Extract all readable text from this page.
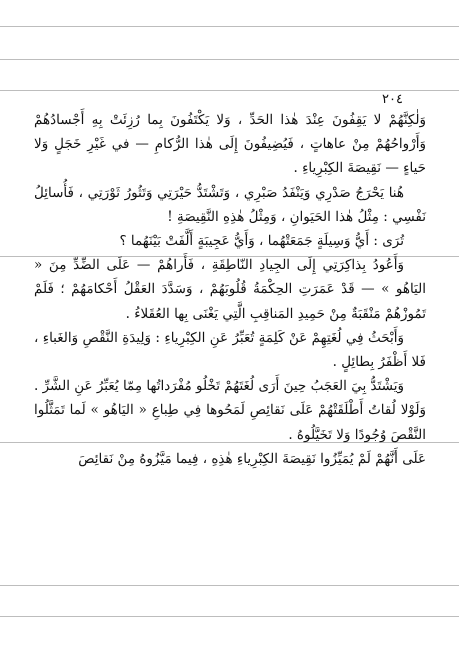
٢٠٤

وَلٰكِنَّهُمْ لا يَقِفُونَ عِنْدَ هٰذا الحَدِّ ، وَلا يَكْتَفُونَ بِما رُزِئَتْ بِهِ أَجْسادُهُمْ وَأَرْواحُهُمْ مِنْ عاهاتٍ ، فَيُضِيفُونَ إِلَى هٰذا الرُّكامِ — في غَيْرِ خَجَلٍ وَلا حَياءٍ — نَقِيصَةَ الكِبْرِياءِ .

هُنا يَحْرَجُ صَدْرِي وَيَنْفَدُ صَبْرِي ، وَتَشْتَدُّ حَيْرَتِي وَتَثُورُ ثَوْرَتِي ، فَأُسائِلُ نَفْسِي : مِثْلُ هٰذا الحَيَوانِ ، وَمِثْلُ هٰذِهِ النَّقِيصَةِ !

تُرَى : أَيُّ وَسِيلَةٍ جَمَعَتْهُما ، وَأَيُّ عَجِيبَةٍ أَلَّفَتْ بَيْنَهُما ؟

وَأَعُودُ بِذاكِرَتِي إِلَى الجِيادِ النّاطِقَةِ ، فَأَراهُمْ — عَلَى الضِّدِّ مِنَ « اليَاهُو » — قَدْ عَمَرَتِ الحِكْمَةُ قُلُوبَهُمْ ، وَسَدَّدَ العَقْلُ أَحْكامَهُمْ ؛ فَلَمْ تَمُوزْهُمْ مَنْقَبَةٌ مِنْ حَمِيدِ المَناقِبِ الَّتِي يَغْنَى بِها العُقَلاءُ .

وَأَبْحَثُ فِي لُغَتِهِمْ عَنْ كَلِمَةٍ تُعَبِّرُ عَنِ الكِبْرِياءِ : وَلِيدَةِ النَّقْصِ وَالغَباءِ ، فَلا أَظْفَرُ بِطائِلٍ .

وَيَشْتَدُّ بِيَ العَجَبُ حِينَ أَرَى لُغَتَهُمْ تَخْلُو مُفْرَداتُها مِمّا يُعَبِّرُ عَنِ الشَّرِّ . وَلَوْلا لُقاتُ أَطْلَقَتْهُمْ عَلَى نَقائِصِ لَمَحُوها فِي طِباعِ « اليَاهُو » لَما تَمَثَّلُوا النَّقْصَ وُجُودًا وَلا تَخَيَّلُوهُ .

عَلَى أَنَّهُمْ لَمْ يُمَيِّزُوا نَقِيصَةَ الكِبْرِياءِ هٰذِهِ ، فِيما مَيَّزُوهُ مِنْ نَقائِصَ
